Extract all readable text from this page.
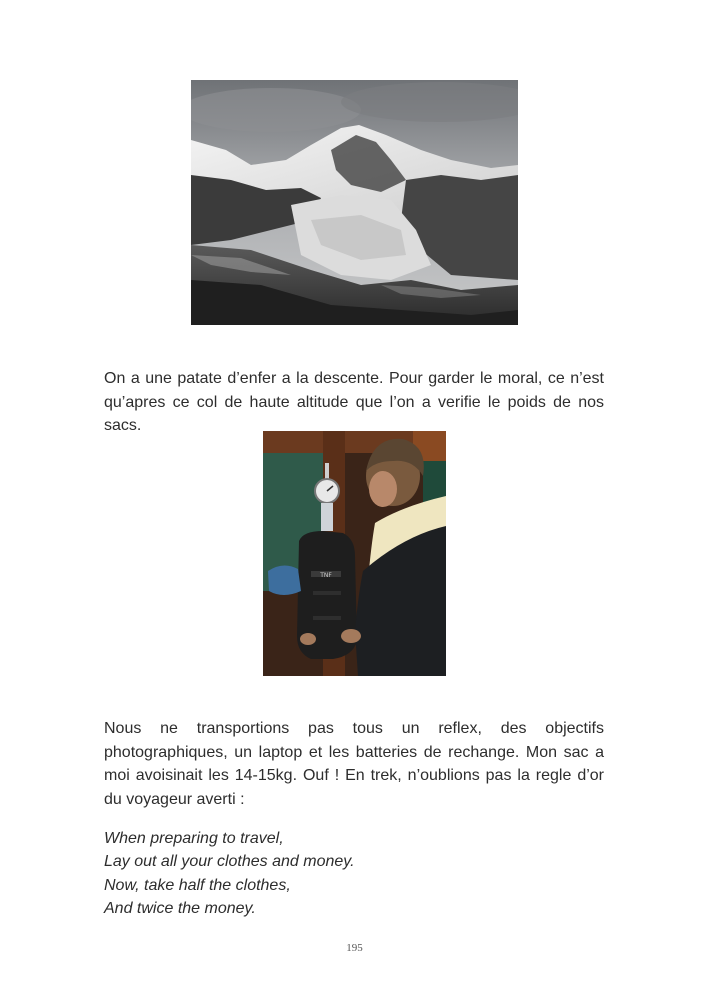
On a une patate d’enfer a la descente. Pour garder le moral, ce n’est qu’apres ce col de haute altitude que l’on a verifie le poids de nos sacs.

TNF

Nous ne transportions pas tous un reflex, des objectifs photographiques, un laptop et les batteries de rechange. Mon sac a moi avoisinait les 14-15kg. Ouf ! En trek, n’oublions pas la regle d’or du voyageur averti :

When preparing to travel,
Lay out all your clothes and money.
Now, take half the clothes,
And twice the money.
195
